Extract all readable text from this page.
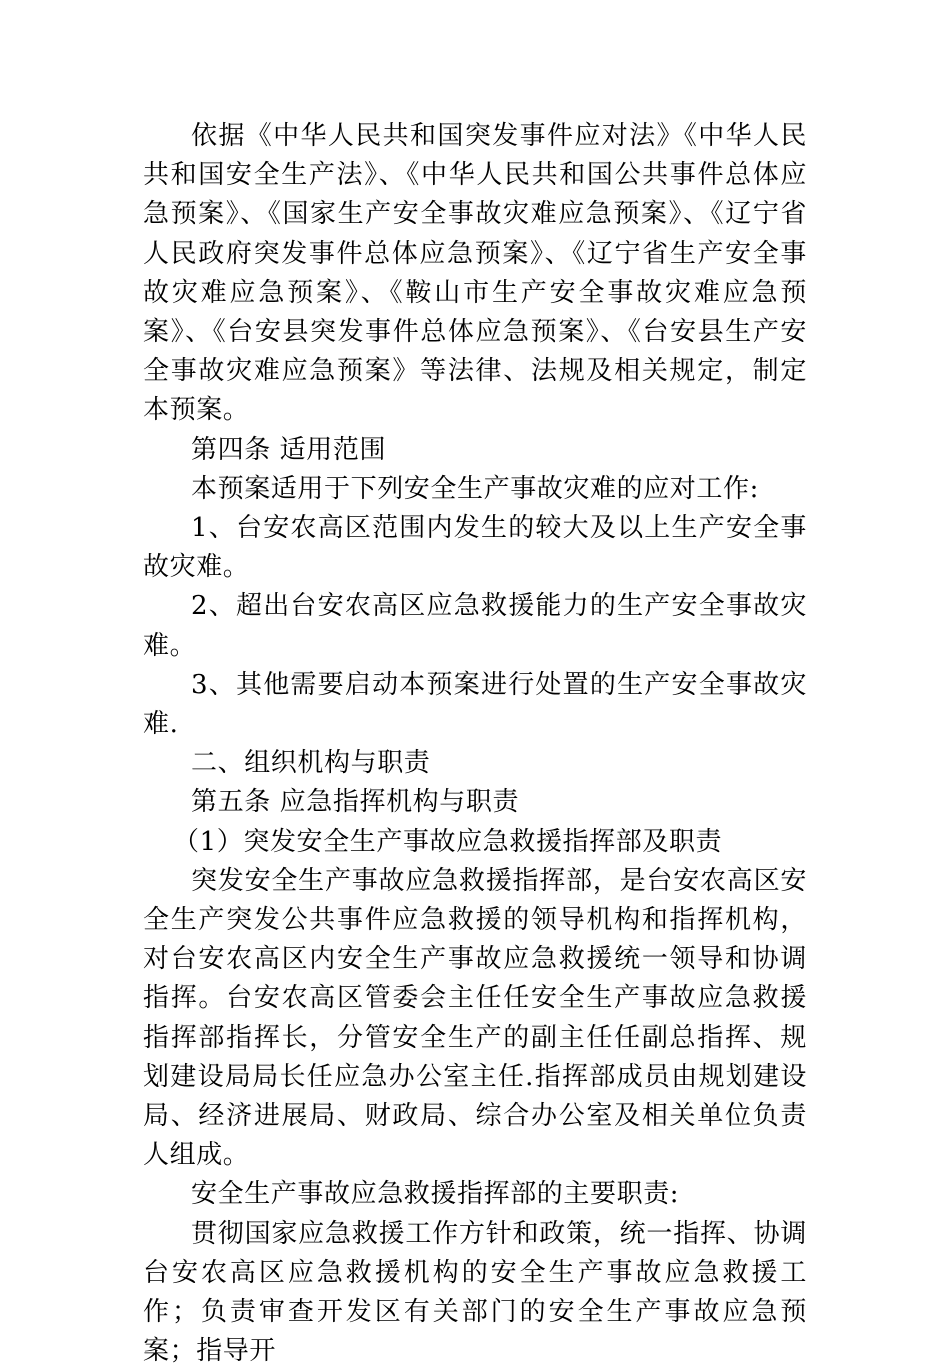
依据《中华人民共和国突发事件应对法》《中华人民共和国安全生产法》、《中华人民共和国公共事件总体应急预案》、《国家生产安全事故灾难应急预案》、《辽宁省人民政府突发事件总体应急预案》、《辽宁省生产安全事故灾难应急预案》、《鞍山市生产安全事故灾难应急预案》、《台安县突发事件总体应急预案》、《台安县生产安全事故灾难应急预案》等法律、法规及相关规定，制定本预案。

第四条 适用范围

本预案适用于下列安全生产事故灾难的应对工作:

1、台安农高区范围内发生的较大及以上生产安全事故灾难。

2、超出台安农高区应急救援能力的生产安全事故灾难。

3、其他需要启动本预案进行处置的生产安全事故灾难.

二、组织机构与职责

第五条 应急指挥机构与职责

（1）突发安全生产事故应急救援指挥部及职责

突发安全生产事故应急救援指挥部，是台安农高区安全生产突发公共事件应急救援的领导机构和指挥机构，对台安农高区内安全生产事故应急救援统一领导和协调指挥。台安农高区管委会主任任安全生产事故应急救援指挥部指挥长，分管安全生产的副主任任副总指挥、规划建设局局长任应急办公室主任.指挥部成员由规划建设局、经济进展局、财政局、综合办公室及相关单位负责人组成。

安全生产事故应急救援指挥部的主要职责:

贯彻国家应急救援工作方针和政策，统一指挥、协调台安农高区应急救援机构的安全生产事故应急救援工作；负责审查开发区有关部门的安全生产事故应急预案；指导开
